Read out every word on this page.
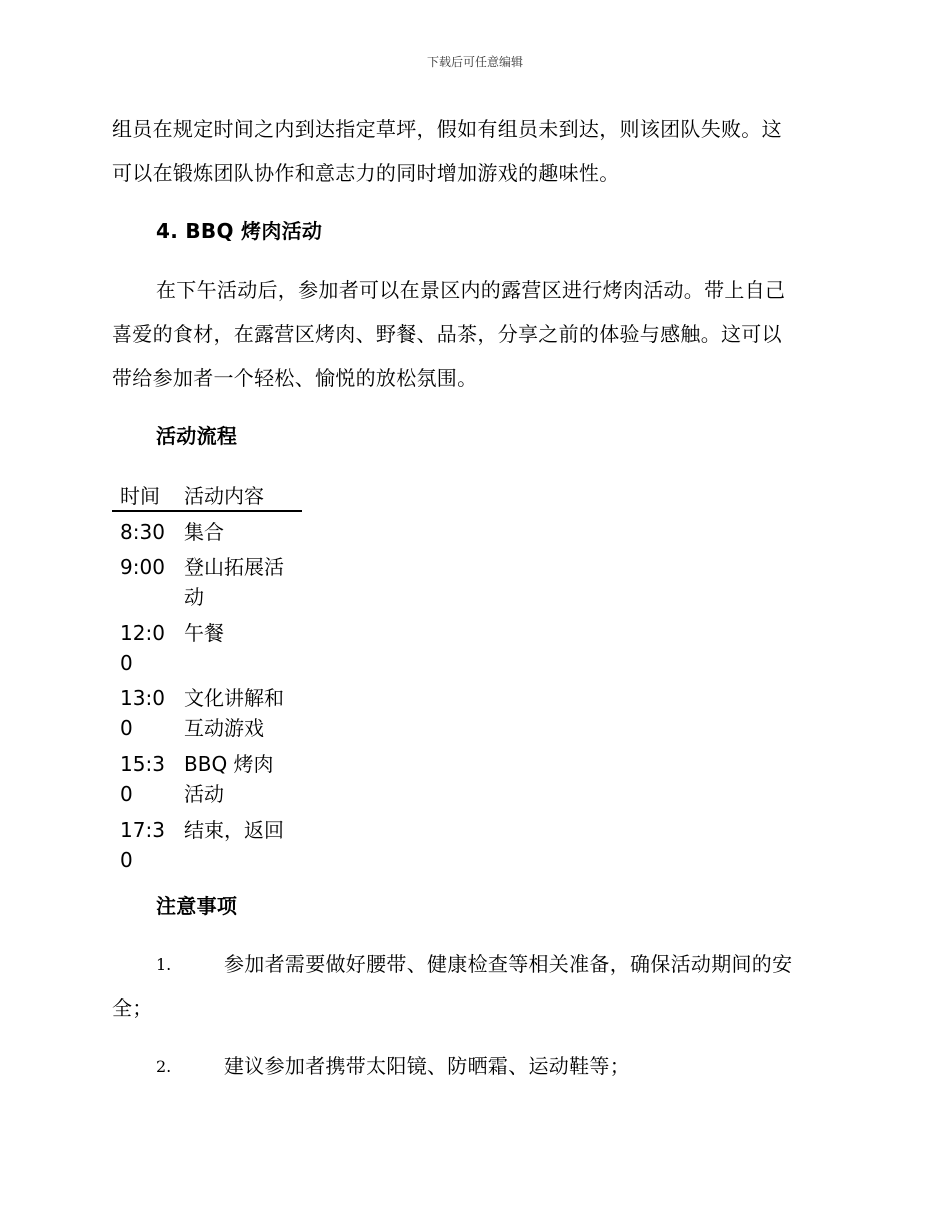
下载后可任意编辑
组员在规定时间之内到达指定草坪，假如有组员未到达，则该团队失败。这
可以在锻炼团队协作和意志力的同时增加游戏的趣味性。
4. BBQ 烤肉活动
在下午活动后，参加者可以在景区内的露营区进行烤肉活动。带上自己
喜爱的食材，在露营区烤肉、野餐、品茶，分享之前的体验与感触。这可以
带给参加者一个轻松、愉悦的放松氛围。
活动流程
时间 活动内容
8:30 集合
9:00 登山拓展活
动
12:0
0
午餐
13:0
0
文化讲解和
互动游戏
15:3
0
BBQ 烤肉
活动
17:3
0
结束，返回
注意事项
1.	参加者需要做好腰带、健康检查等相关准备，确保活动期间的安
全；
2.	建议参加者携带太阳镜、防晒霜、运动鞋等；
